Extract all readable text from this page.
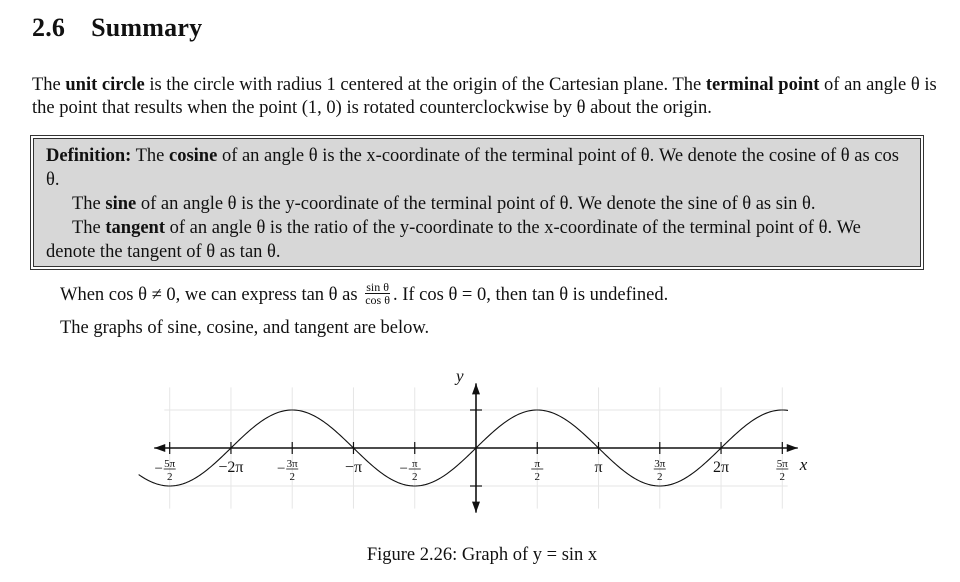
2.6 Summary
The unit circle is the circle with radius 1 centered at the origin of the Cartesian plane. The terminal point of an angle θ is the point that results when the point (1, 0) is rotated counterclockwise by θ about the origin.

Definition: The cosine of an angle θ is the x-coordinate of the terminal point of θ. We denote the cosine of θ as cos θ.

The sine of an angle θ is the y-coordinate of the terminal point of θ. We denote the sine of θ as sin θ.

The tangent of an angle θ is the ratio of the y-coordinate to the x-coordinate of the terminal point of θ. We denote the tangent of θ as tan θ.

When cos θ ≠ 0, we can express tan θ as $\frac{\text{sin θ}}{\text{cos θ}}$ . If cos θ = 0, then tan θ is undefined.
The graphs of sine, cosine, and tangent are below.
x
y
5π
2
−	−2π	3π
2
−	−π	π
2
−	π
2
π	3π
2
2π	5π
2
Figure 2.26: Graph of y = sin x
